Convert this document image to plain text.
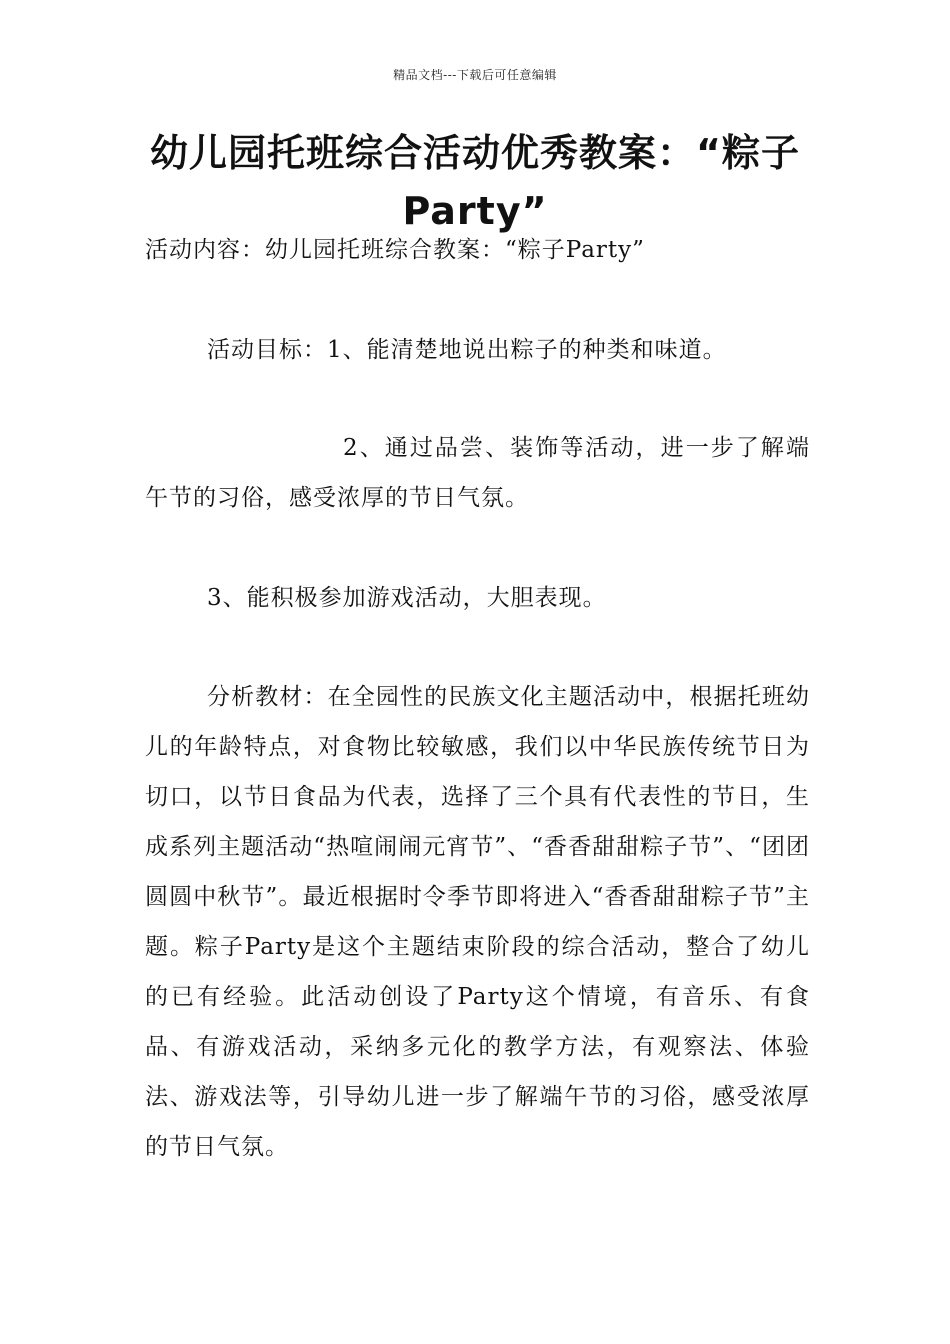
精品文档---下载后可任意编辑
幼儿园托班综合活动优秀教案：“粽子Party”

活动内容：幼儿园托班综合教案：“粽子Party”

活动目标：1、能清楚地说出粽子的种类和味道。

2、通过品尝、装饰等活动，进一步了解端午节的习俗，感受浓厚的节日气氛。

3、能积极参加游戏活动，大胆表现。

分析教材：在全园性的民族文化主题活动中，根据托班幼儿的年龄特点，对食物比较敏感，我们以中华民族传统节日为切口，以节日食品为代表，选择了三个具有代表性的节日，生成系列主题活动“热喧闹闹元宵节”、“香香甜甜粽子节”、“团团圆圆中秋节”。最近根据时令季节即将进入“香香甜甜粽子节”主题。粽子Party是这个主题结束阶段的综合活动，整合了幼儿的已有经验。此活动创设了Party这个情境，有音乐、有食品、有游戏活动，采纳多元化的教学方法，有观察法、体验法、游戏法等，引导幼儿进一步了解端午节的习俗，感受浓厚的节日气氛。
